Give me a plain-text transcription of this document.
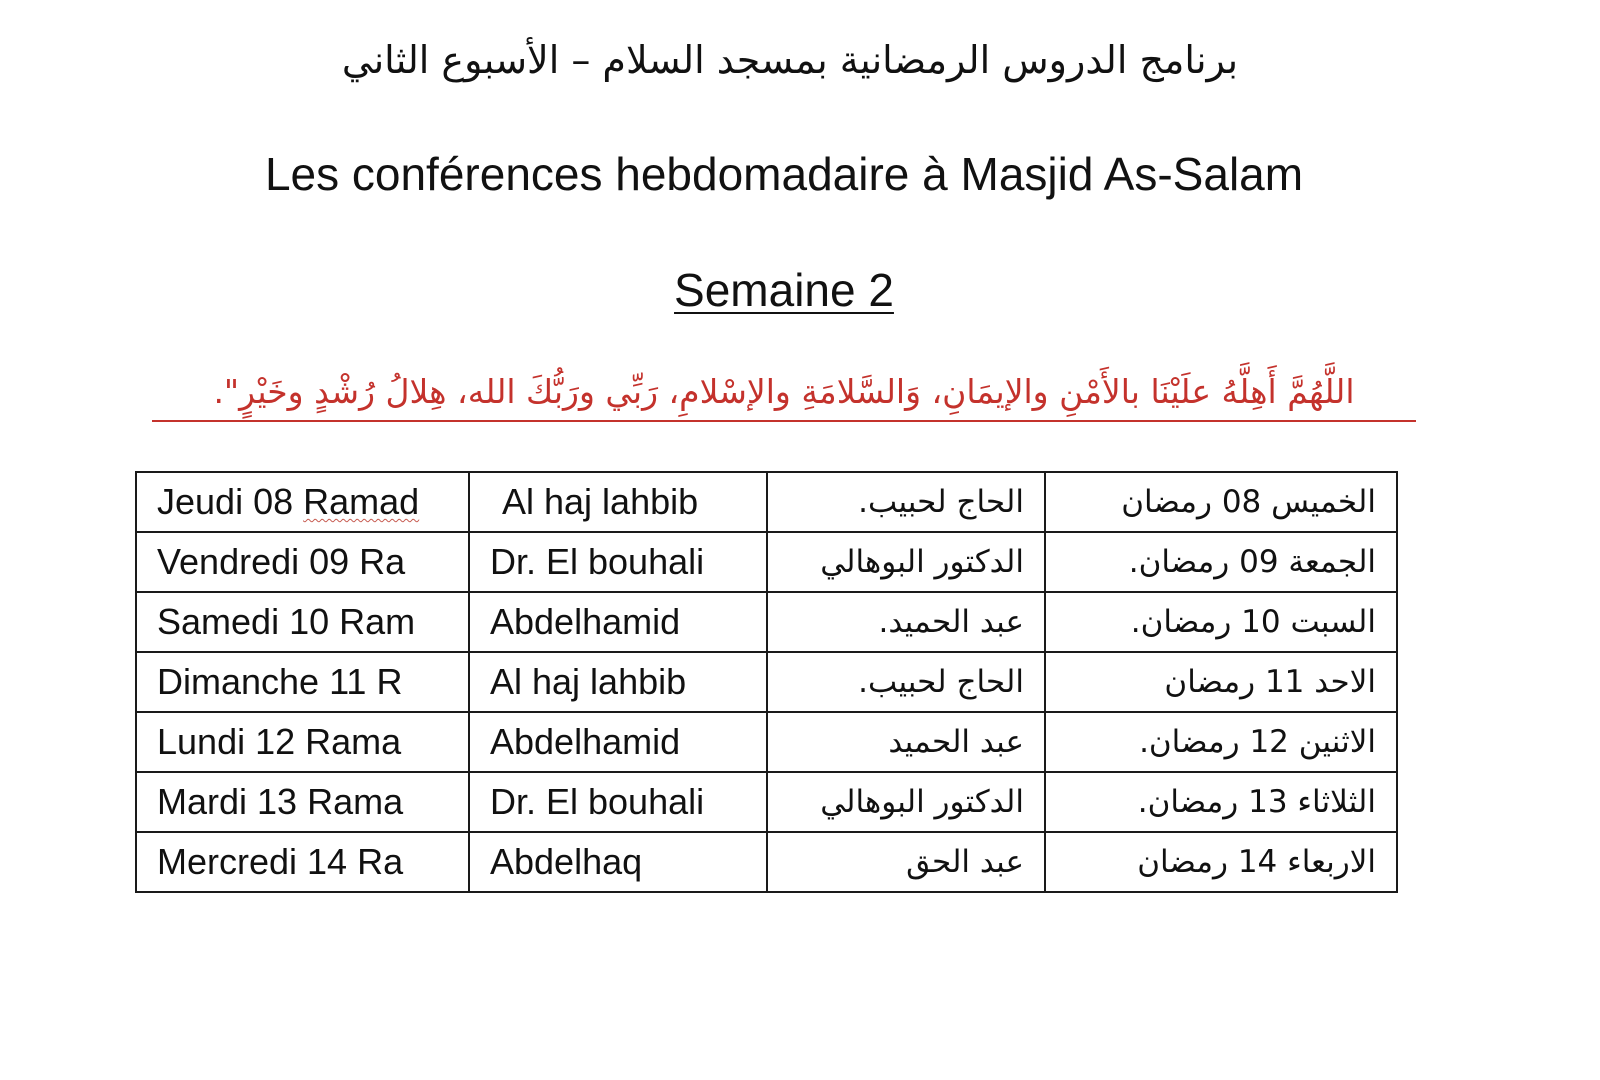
برنامج الدروس الرمضانية بمسجد السلام – الأسبوع الثاني
Les conférences hebdomadaire à Masjid As-Salam
Semaine 2
اللَّهُمَّ أَهِلَّهُ علَيْنَا بالأَمْنِ والإيمَانِ، وَالسَّلامَةِ والإسْلامِ، رَبِّي ورَبُّكَ الله، هِلالُ رُشْدٍ وخَيْرٍ".
Jeudi 08 Ramad	Al haj lahbib	الحاج لحبيب.	الخميس 08 رمضان
Vendredi 09 Ra	Dr. El bouhali	الدكتور البوهالي	الجمعة 09 رمضان.
Samedi 10 Ram	Abdelhamid	عبد الحميد.	السبت 10 رمضان.
Dimanche 11 R	Al haj lahbib	الحاج لحبيب.	الاحد 11 رمضان
Lundi 12 Rama	Abdelhamid	عبد الحميد	الاثنين 12 رمضان.
Mardi 13 Rama	Dr. El bouhali	الدكتور البوهالي	الثلاثاء 13 رمضان.
Mercredi 14 Ra	Abdelhaq	عبد الحق	الاربعاء 14 رمضان
